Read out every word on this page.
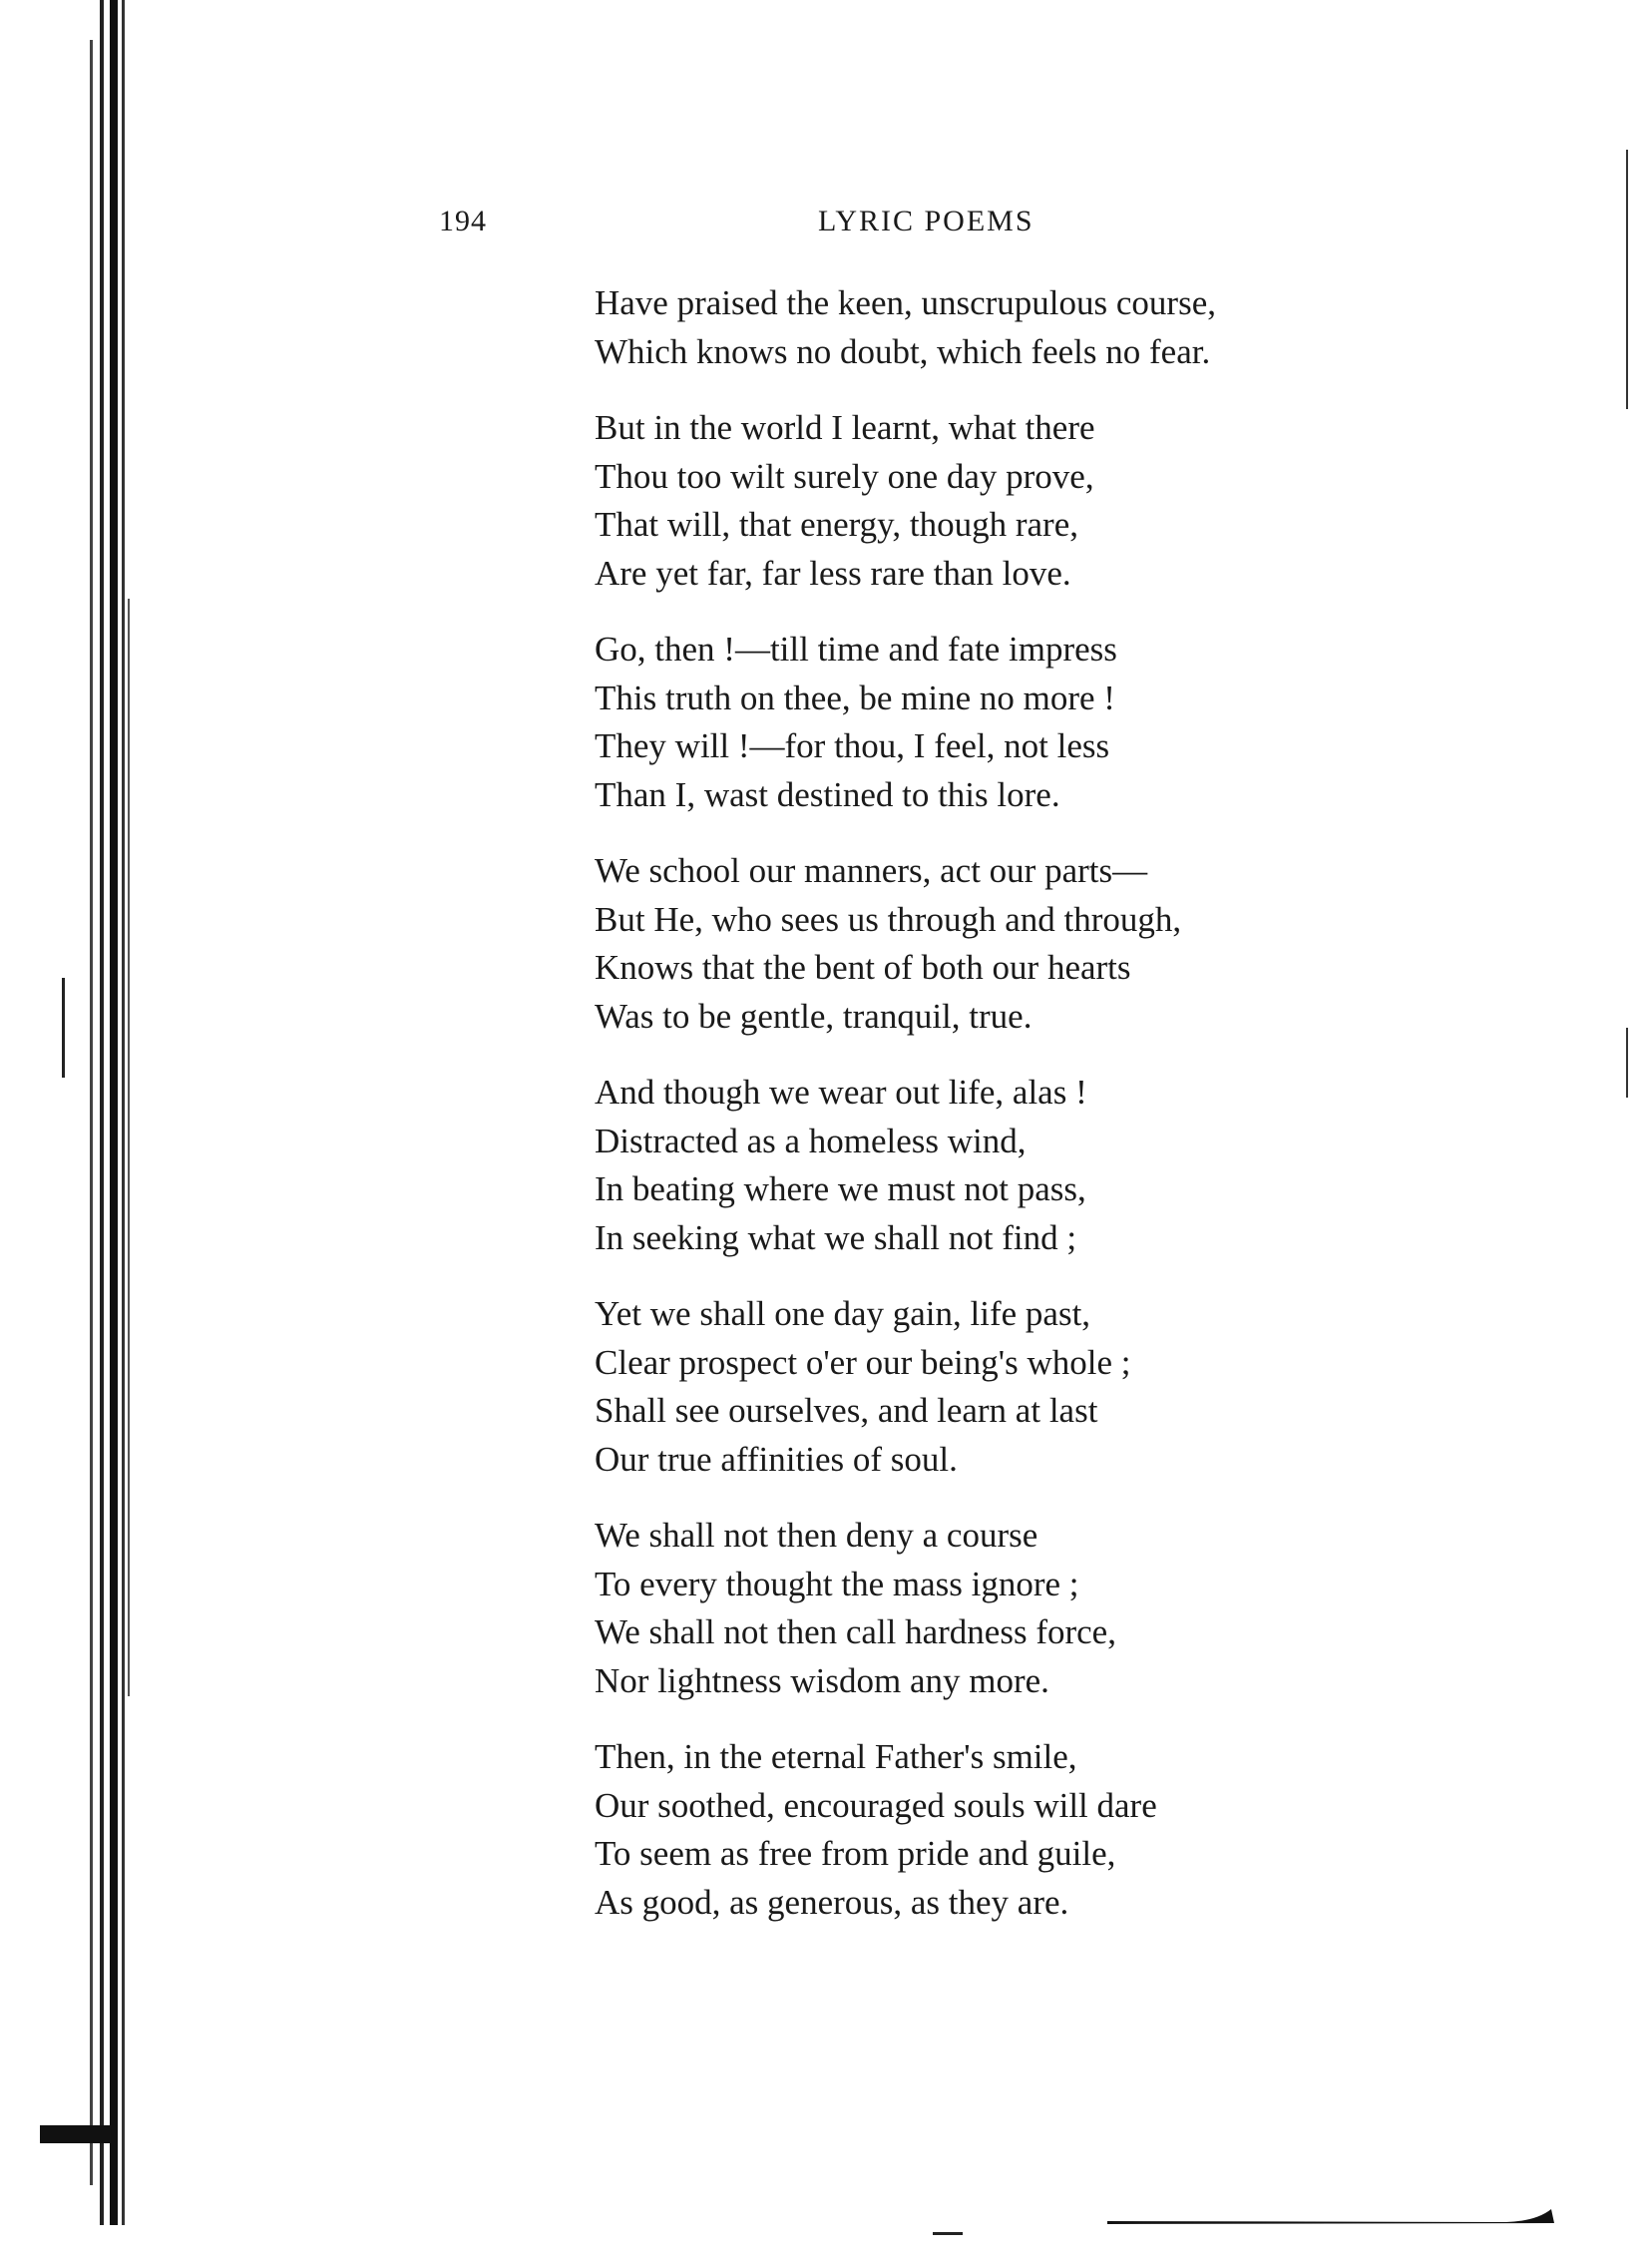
194	LYRIC POEMS
Have praised the keen, unscrupulous course,
Which knows no doubt, which feels no fear.
But in the world I learnt, what there
Thou too wilt surely one day prove,
That will, that energy, though rare,
Are yet far, far less rare than love.
Go, then !—till time and fate impress
This truth on thee, be mine no more !
They will !—for thou, I feel, not less
Than I, wast destined to this lore.
We school our manners, act our parts—
But He, who sees us through and through,
Knows that the bent of both our hearts
Was to be gentle, tranquil, true.
And though we wear out life, alas !
Distracted as a homeless wind,
In beating where we must not pass,
In seeking what we shall not find ;
Yet we shall one day gain, life past,
Clear prospect o'er our being's whole ;
Shall see ourselves, and learn at last
Our true affinities of soul.
We shall not then deny a course
To every thought the mass ignore ;
We shall not then call hardness force,
Nor lightness wisdom any more.
Then, in the eternal Father's smile,
Our soothed, encouraged souls will dare
To seem as free from pride and guile,
As good, as generous, as they are.
